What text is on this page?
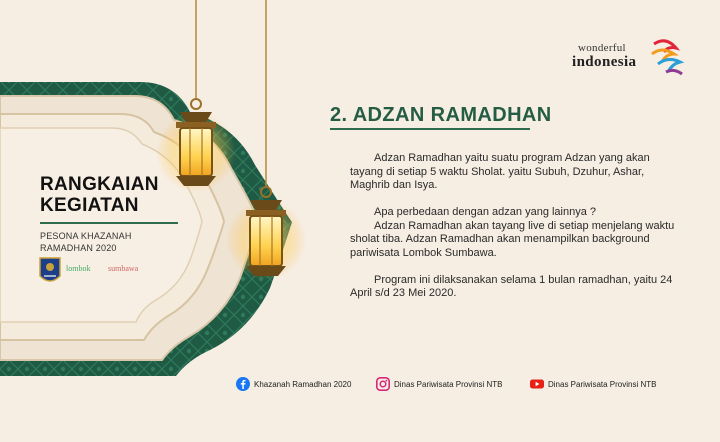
wonderful
indonesia
RANGKAIAN
KEGIATAN
PESONA KHAZANAH
RAMADHAN 2020
lombok sumbawa
2. ADZAN RAMADHAN

Adzan Ramadhan yaitu suatu program Adzan yang akan tayang di setiap 5 waktu Sholat. yaitu Subuh, Dzuhur, Ashar, Maghrib dan Isya.

Apa perbedaan dengan adzan yang lainnya ?

Adzan Ramadhan akan tayang live di setiap menjelang waktu sholat tiba. Adzan Ramadhan akan menampilkan background pariwisata Lombok Sumbawa.

Program ini dilaksanakan selama 1 bulan ramadhan, yaitu 24 April s/d 23 Mei 2020.

Khazanah Ramadhan 2020	Dinas Pariwisata Provinsi NTB	Dinas Pariwisata Provinsi NTB
